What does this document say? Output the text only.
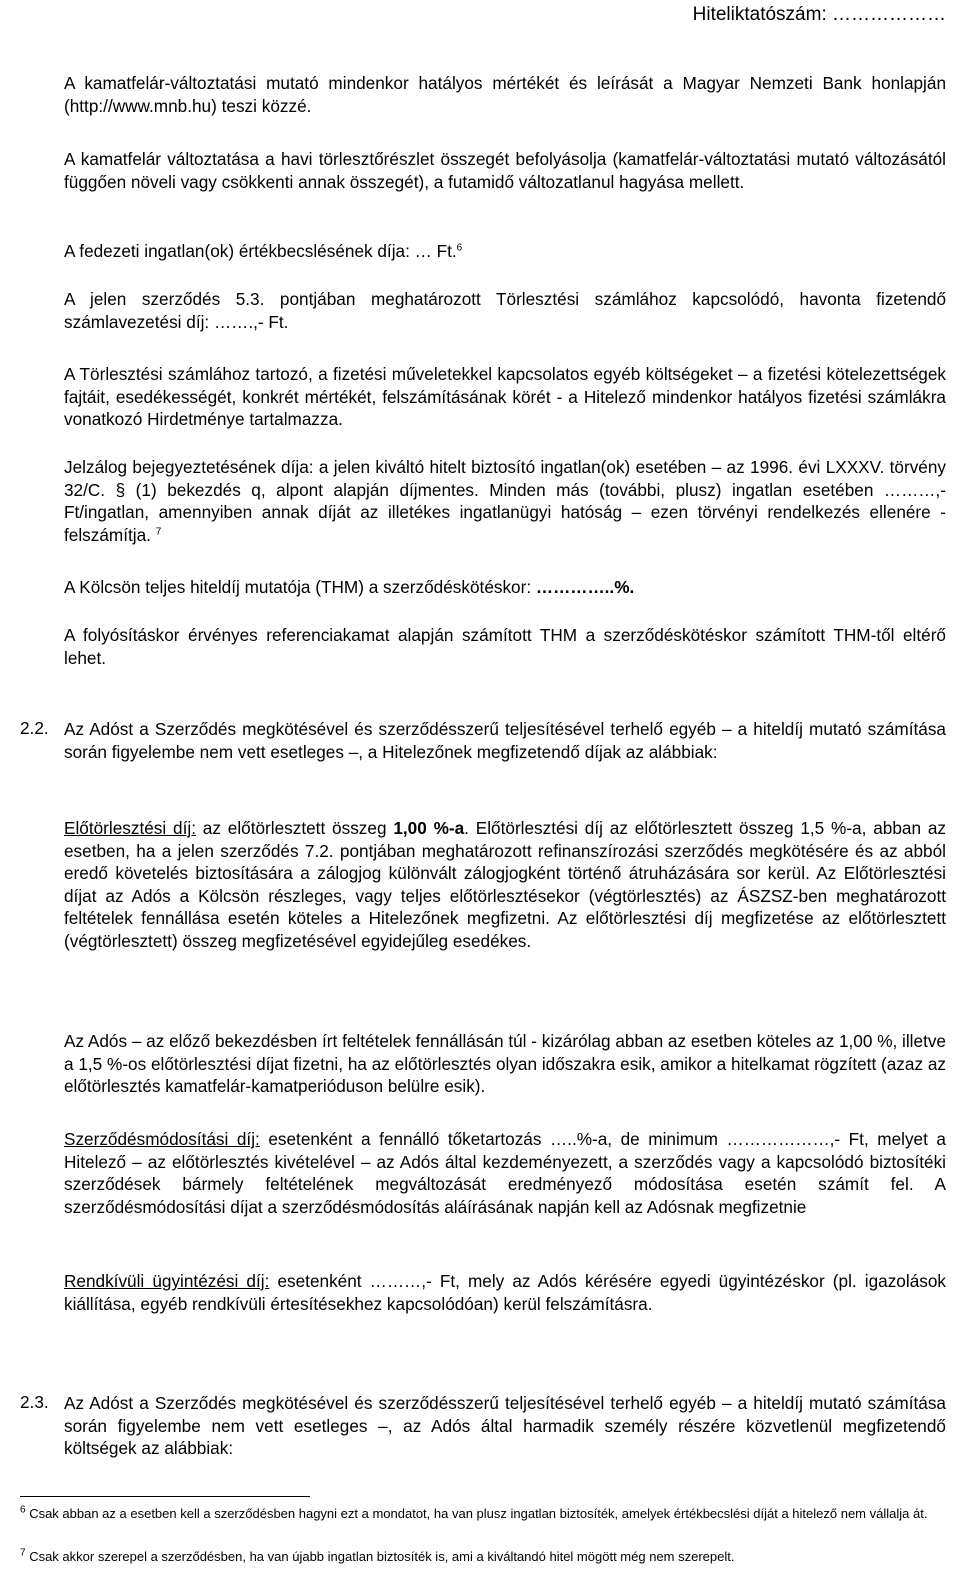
Hiteliktatószám: ………………

A kamatfelár-változtatási mutató mindenkor hatályos mértékét és leírását a Magyar Nemzeti Bank honlapján (http://www.mnb.hu) teszi közzé.

A kamatfelár változtatása a havi törlesztőrészlet összegét befolyásolja (kamatfelár-változtatási mutató változásától függően növeli vagy csökkenti annak összegét), a futamidő változatlanul hagyása mellett.

A fedezeti ingatlan(ok) értékbecslésének díja: … Ft.$^6$

A jelen szerződés 5.3. pontjában meghatározott Törlesztési számlához kapcsolódó, havonta fizetendő számlavezetési díj: …….,- Ft.

A Törlesztési számlához tartozó, a fizetési műveletekkel kapcsolatos egyéb költségeket – a fizetési kötelezettségek fajtáit, esedékességét, konkrét mértékét, felszámításának körét - a Hitelező mindenkor hatályos fizetési számlákra vonatkozó Hirdetménye tartalmazza.

Jelzálog bejegyeztetésének díja: a jelen kiváltó hitelt biztosító ingatlan(ok) esetében – az 1996. évi LXXXV. törvény 32/C. § (1) bekezdés q, alpont alapján díjmentes. Minden más (további, plusz) ingatlan esetében ………,- Ft/ingatlan, amennyiben annak díját az illetékes ingatlanügyi hatóság – ezen törvényi rendelkezés ellenére - felszámítja. $^7$

A Kölcsön teljes hiteldíj mutatója (THM) a szerződéskötéskor: …………..%.

A folyósításkor érvényes referenciakamat alapján számított THM a szerződéskötéskor számított THM-től eltérő lehet.

2.2. Az Adóst a Szerződés megkötésével és szerződésszerű teljesítésével terhelő egyéb – a hiteldíj mutató számítása során figyelembe nem vett esetleges –, a Hitelezőnek megfizetendő díjak az alábbiak:

Előtörlesztési díj: az előtörlesztett összeg 1,00 %-a. Előtörlesztési díj az előtörlesztett összeg 1,5 %-a, abban az esetben, ha a jelen szerződés 7.2. pontjában meghatározott refinanszírozási szerződés megkötésére és az abból eredő követelés biztosítására a zálogjog különvált zálogjogként történő átruházására sor kerül. Az Előtörlesztési díjat az Adós a Kölcsön részleges, vagy teljes előtörlesztésekor (végtörlesztés) az ÁSZSZ-ben meghatározott feltételek fennállása esetén köteles a Hitelezőnek megfizetni. Az előtörlesztési díj megfizetése az előtörlesztett (végtörlesztett) összeg megfizetésével egyidejűleg esedékes.

Az Adós – az előző bekezdésben írt feltételek fennállásán túl - kizárólag abban az esetben köteles az 1,00 %, illetve a 1,5 %-os előtörlesztési díjat fizetni, ha az előtörlesztés olyan időszakra esik, amikor a hitelkamat rögzített (azaz az előtörlesztés kamatfelár-kamatperióduson belülre esik).

Szerződésmódosítási díj: esetenként a fennálló tőketartozás …..%-a, de minimum ………………,- Ft, melyet a Hitelező – az előtörlesztés kivételével – az Adós által kezdeményezett, a szerződés vagy a kapcsolódó biztosítéki szerződések bármely feltételének megváltozását eredményező módosítása esetén számít fel. A szerződésmódosítási díjat a szerződésmódosítás aláírásának napján kell az Adósnak megfizetnie

Rendkívüli ügyintézési díj: esetenként ………,- Ft, mely az Adós kérésére egyedi ügyintézéskor (pl. igazolások kiállítása, egyéb rendkívüli értesítésekhez kapcsolódóan) kerül felszámításra.

2.3. Az Adóst a Szerződés megkötésével és szerződésszerű teljesítésével terhelő egyéb – a hiteldíj mutató számítása során figyelembe nem vett esetleges –, az Adós által harmadik személy részére közvetlenül megfizetendő költségek az alábbiak:

$^6$ Csak abban az a esetben kell a szerződésben hagyni ezt a mondatot, ha van plusz ingatlan biztosíték, amelyek értékbecslési díját a hitelező nem vállalja át.
$^7$ Csak akkor szerepel a szerződésben, ha van újabb ingatlan biztosíték is, ami a kiváltandó hitel mögött még nem szerepelt.
